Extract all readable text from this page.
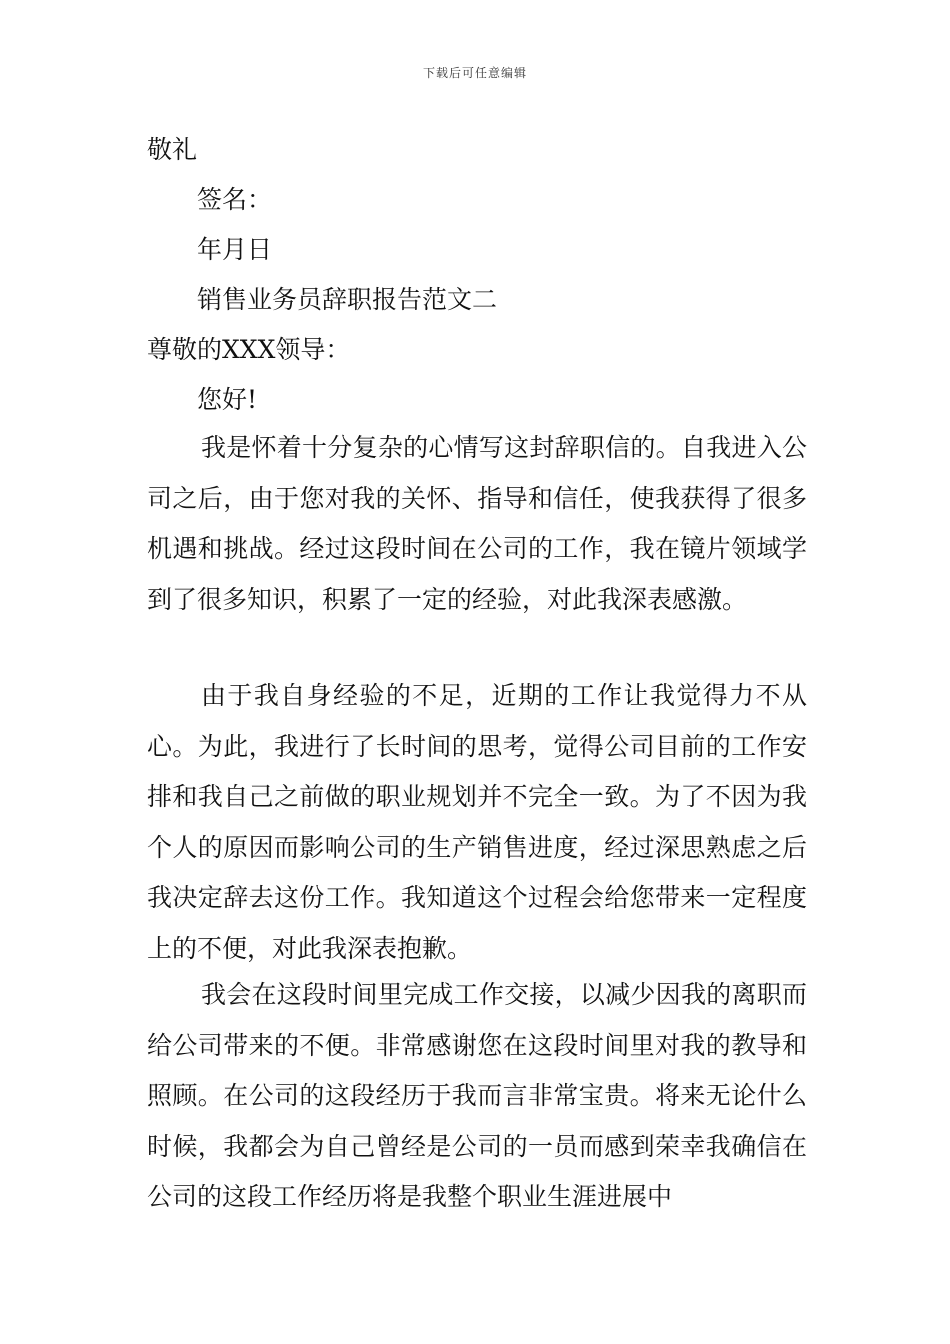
下载后可任意编辑
敬礼
签名：
年月日
销售业务员辞职报告范文二
尊敬的XXX领导：
您好!

我是怀着十分复杂的心情写这封辞职信的。自我进入公司之后，由于您对我的关怀、指导和信任，使我获得了很多机遇和挑战。经过这段时间在公司的工作，我在镜片领域学到了很多知识，积累了一定的经验，对此我深表感激。

由于我自身经验的不足，近期的工作让我觉得力不从心。为此，我进行了长时间的思考，觉得公司目前的工作安排和我自己之前做的职业规划并不完全一致。为了不因为我个人的原因而影响公司的生产销售进度，经过深思熟虑之后我决定辞去这份工作。我知道这个过程会给您带来一定程度上的不便，对此我深表抱歉。

我会在这段时间里完成工作交接，以减少因我的离职而给公司带来的不便。非常感谢您在这段时间里对我的教导和照顾。在公司的这段经历于我而言非常宝贵。将来无论什么时候，我都会为自己曾经是公司的一员而感到荣幸我确信在公司的这段工作经历将是我整个职业生涯进展中
